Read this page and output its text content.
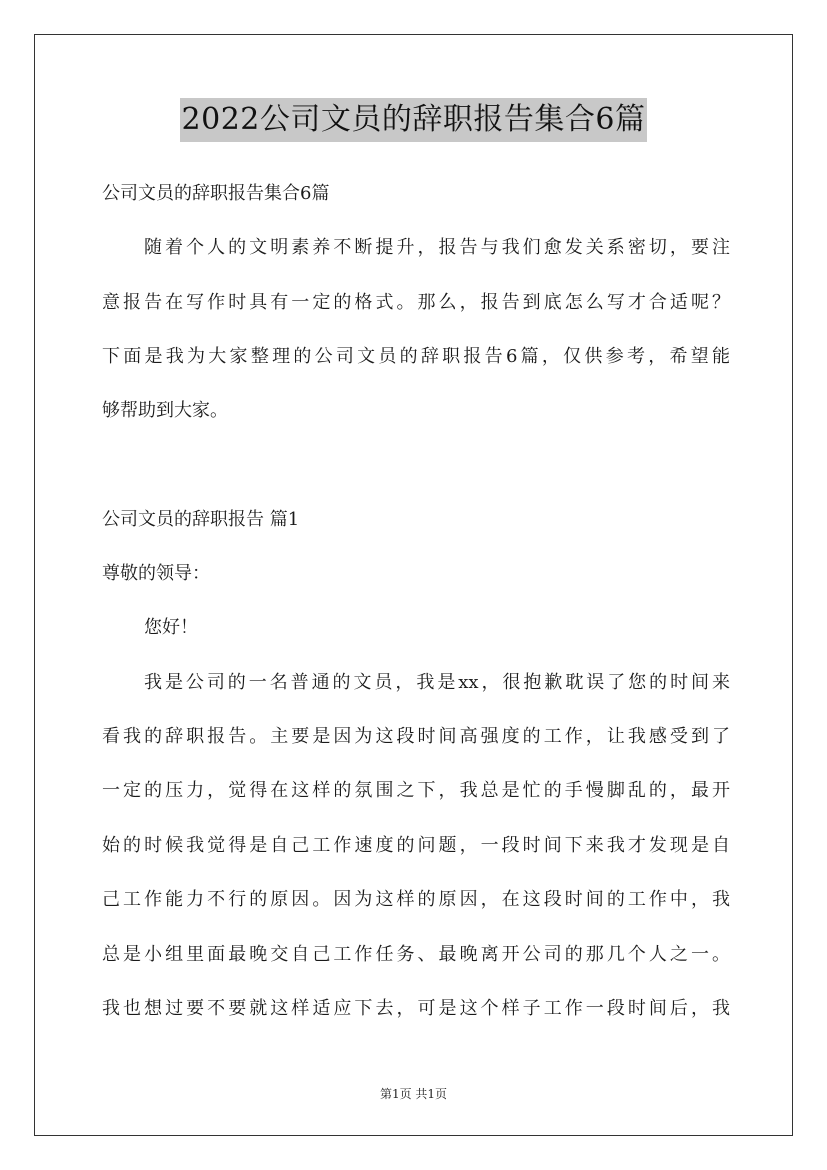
2022公司文员的辞职报告集合6篇
公司文员的辞职报告集合6篇
随着个人的文明素养不断提升，报告与我们愈发关系密切，要注
意报告在写作时具有一定的格式。那么，报告到底怎么写才合适呢？
下面是我为大家整理的公司文员的辞职报告6篇，仅供参考，希望能
够帮助到大家。
公司文员的辞职报告 篇1
尊敬的领导：
您好！
我是公司的一名普通的文员，我是xx，很抱歉耽误了您的时间来
看我的辞职报告。主要是因为这段时间高强度的工作，让我感受到了
一定的压力，觉得在这样的氛围之下，我总是忙的手慢脚乱的，最开
始的时候我觉得是自己工作速度的问题，一段时间下来我才发现是自
己工作能力不行的原因。因为这样的原因，在这段时间的工作中，我
总是小组里面最晚交自己工作任务、最晚离开公司的那几个人之一。
我也想过要不要就这样适应下去，可是这个样子工作一段时间后，我
第1页 共1页
